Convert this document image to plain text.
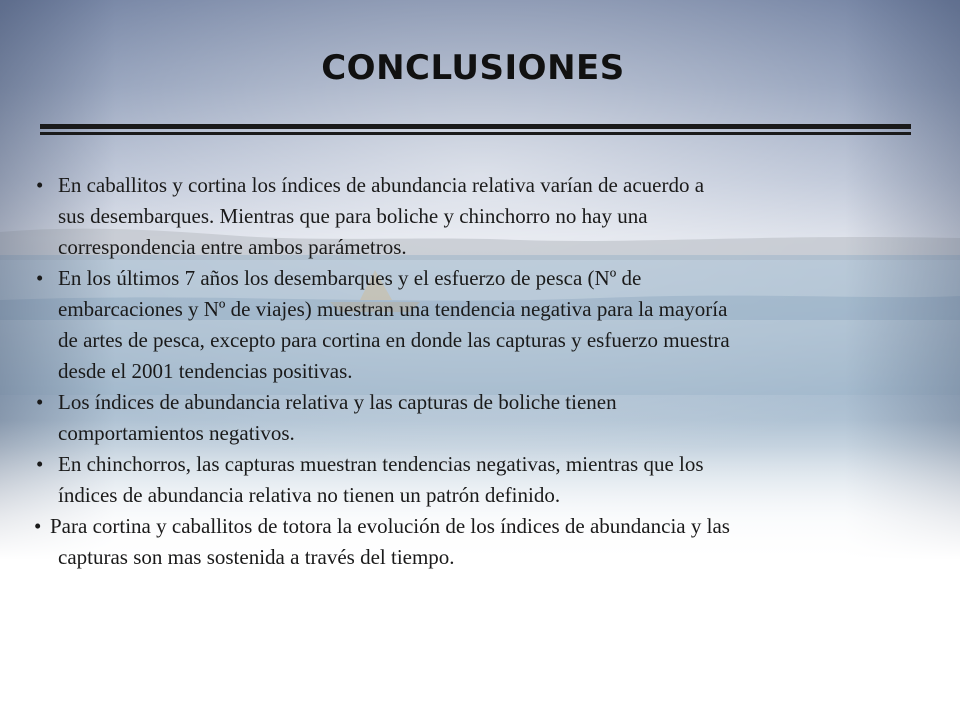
CONCLUSIONES
• En caballitos y cortina los índices de abundancia relativa varían de acuerdo a
sus desembarques. Mientras que para boliche y chinchorro no hay una
correspondencia entre ambos parámetros.
• En los últimos 7 años los desembarques y el esfuerzo de pesca (Nº de
embarcaciones y Nº de viajes) muestran una tendencia negativa para la mayoría
de artes de pesca, excepto para cortina en donde las capturas y esfuerzo muestra
desde el 2001 tendencias positivas.
• Los índices de abundancia relativa y las capturas de boliche tienen
comportamientos negativos.
• En chinchorros, las capturas muestran tendencias negativas, mientras que los
índices de abundancia relativa no tienen un patrón definido.
• Para cortina y caballitos de totora la evolución de los índices de abundancia y las
capturas son mas sostenida a través del tiempo.
